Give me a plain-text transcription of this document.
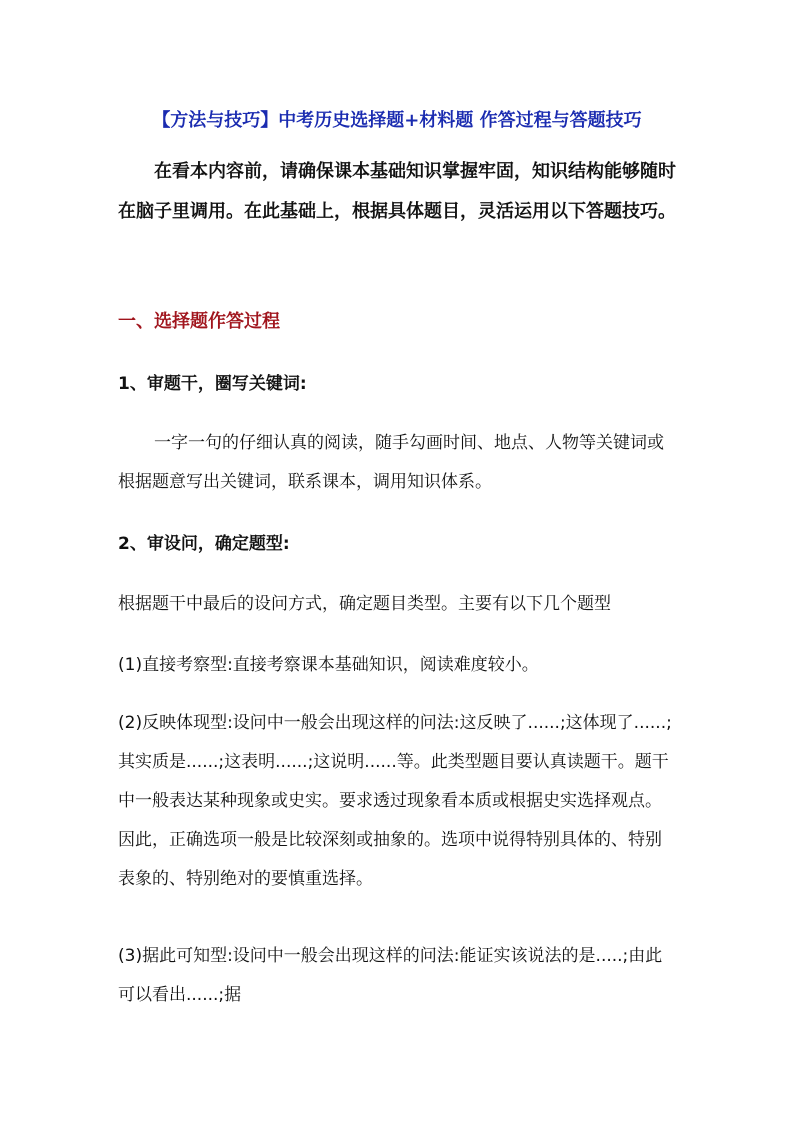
【方法与技巧】中考历史选择题+材料题 作答过程与答题技巧
在看本内容前，请确保课本基础知识掌握牢固，知识结构能够随时在脑子里调用。在此基础上，根据具体题目，灵活运用以下答题技巧。
一、选择题作答过程
1、审题干，圈写关键词:
一字一句的仔细认真的阅读，随手勾画时间、地点、人物等关键词或根据题意写出关键词，联系课本，调用知识体系。
2、审设问，确定题型:
根据题干中最后的设问方式，确定题目类型。主要有以下几个题型
(1)直接考察型:直接考察课本基础知识，阅读难度较小。
(2)反映体现型:设问中一般会出现这样的问法:这反映了......;这体现了......;其实质是......;这表明......;这说明......等。此类型题目要认真读题干。题干中一般表达某种现象或史实。要求透过现象看本质或根据史实选择观点。因此，正确选项一般是比较深刻或抽象的。选项中说得特别具体的、特别表象的、特别绝对的要慎重选择。
(3)据此可知型:设问中一般会出现这样的问法:能证实该说法的是.....;由此可以看出......;据
